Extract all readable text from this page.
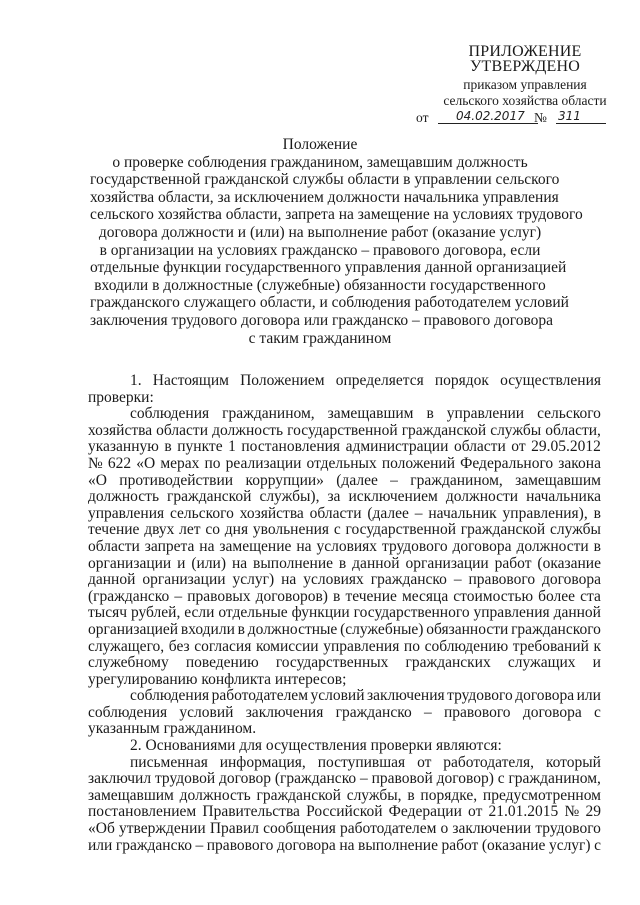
ПРИЛОЖЕНИЕ
УТВЕРЖДЕНО
приказом управления
сельского хозяйства области
от 04.02.2017 № 311
Положение
о проверке соблюдения гражданином, замещавшим должность
государственной гражданской службы области в управлении сельского
хозяйства области, за исключением должности начальника управления
сельского хозяйства области, запрета на замещение на условиях трудового
договора должности и (или) на выполнение работ (оказание услуг)
в организации на условиях гражданско – правового договора, если
отдельные функции государственного управления данной организацией
входили в должностные (служебные) обязанности государственного
гражданского служащего области, и соблюдения работодателем условий
заключения трудового договора или гражданско – правового договора
с таким гражданином
1. Настоящим Положением определяется порядок осуществления
проверки:
соблюдения гражданином, замещавшим в управлении сельского
хозяйства области должность государственной гражданской службы области,
указанную в пункте 1 постановления администрации области от 29.05.2012
№ 622 «О мерах по реализации отдельных положений Федерального закона
«О противодействии коррупции» (далее – гражданином, замещавшим
должность гражданской службы), за исключением должности начальника
управления сельского хозяйства области (далее – начальник управления), в
течение двух лет со дня увольнения с государственной гражданской службы
области запрета на замещение на условиях трудового договора должности в
организации и (или) на выполнение в данной организации работ (оказание
данной организации услуг) на условиях гражданско – правового договора
(гражданско – правовых договоров) в течение месяца стоимостью более ста
тысяч рублей, если отдельные функции государственного управления данной
организацией входили в должностные (служебные) обязанности гражданского
служащего, без согласия комиссии управления по соблюдению требований к
служебному поведению государственных гражданских служащих и
урегулированию конфликта интересов;
соблюдения работодателем условий заключения трудового договора или
соблюдения условий заключения гражданско – правового договора с
указанным гражданином.
2. Основаниями для осуществления проверки являются:
письменная информация, поступившая от работодателя, который
заключил трудовой договор (гражданско – правовой договор) с гражданином,
замещавшим должность гражданской службы, в порядке, предусмотренном
постановлением Правительства Российской Федерации от 21.01.2015 № 29
«Об утверждении Правил сообщения работодателем о заключении трудового
или гражданско – правового договора на выполнение работ (оказание услуг) с
